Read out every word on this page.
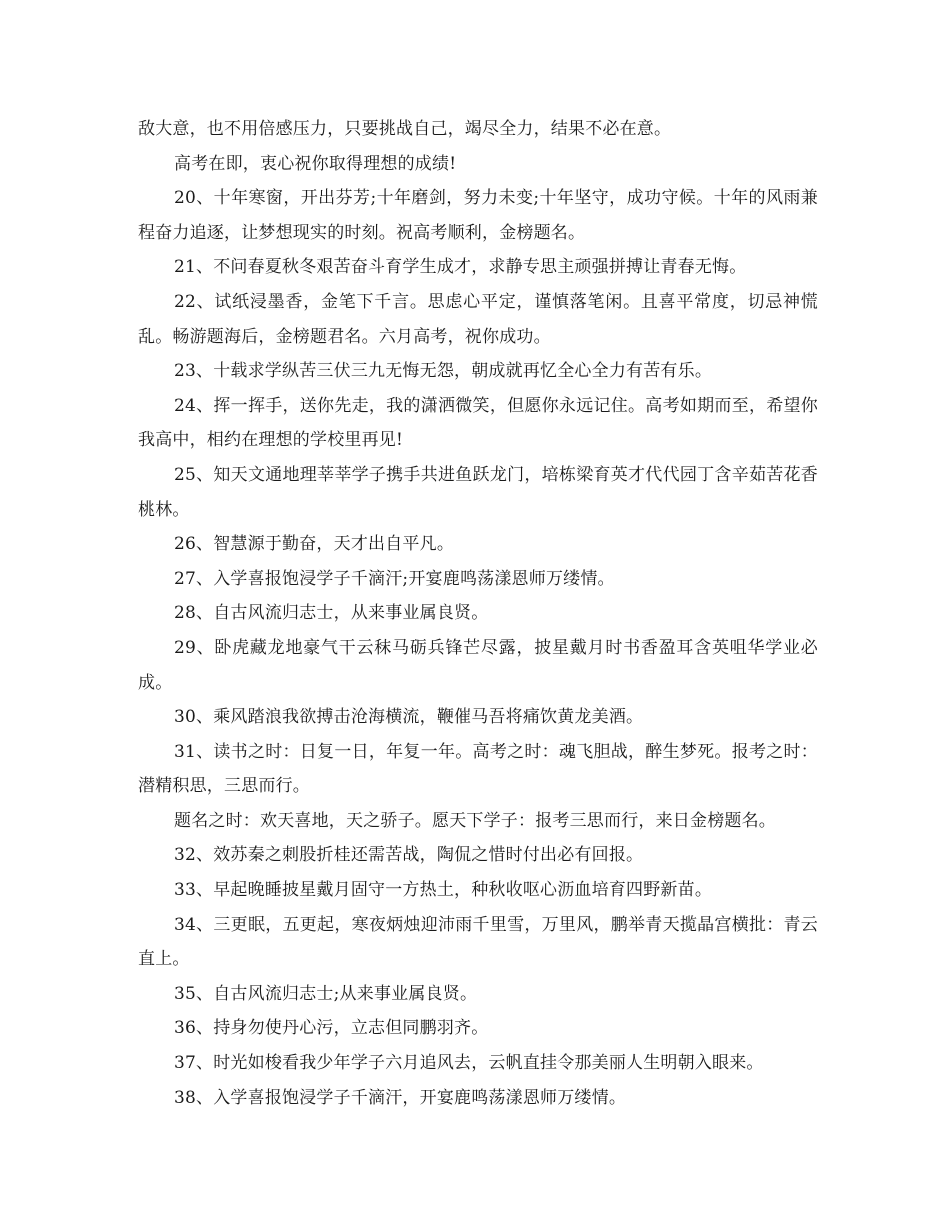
敌大意，也不用倍感压力，只要挑战自己，竭尽全力，结果不必在意。

高考在即，衷心祝你取得理想的成绩!

20、十年寒窗，开出芬芳;十年磨剑，努力未变;十年坚守，成功守候。十年的风雨兼程奋力追逐，让梦想现实的时刻。祝高考顺利，金榜题名。

21、不问春夏秋冬艰苦奋斗育学生成才，求静专思主顽强拼搏让青春无悔。

22、试纸浸墨香，金笔下千言。思虑心平定，谨慎落笔闲。且喜平常度，切忌神慌乱。畅游题海后，金榜题君名。六月高考，祝你成功。

23、十载求学纵苦三伏三九无悔无怨，朝成就再忆全心全力有苦有乐。

24、挥一挥手，送你先走，我的潇洒微笑，但愿你永远记住。高考如期而至，希望你我高中，相约在理想的学校里再见!

25、知天文通地理莘莘学子携手共进鱼跃龙门，培栋梁育英才代代园丁含辛茹苦花香桃林。

26、智慧源于勤奋，天才出自平凡。

27、入学喜报饱浸学子千滴汗;开宴鹿鸣荡漾恩师万缕情。

28、自古风流归志士，从来事业属良贤。

29、卧虎藏龙地豪气干云秣马砺兵锋芒尽露，披星戴月时书香盈耳含英咀华学业必成。

30、乘风踏浪我欲搏击沧海横流，鞭催马吾将痛饮黄龙美酒。

31、读书之时：日复一日，年复一年。高考之时：魂飞胆战，醉生梦死。报考之时：潜精积思，三思而行。

题名之时：欢天喜地，天之骄子。愿天下学子：报考三思而行，来日金榜题名。

32、效苏秦之刺股折桂还需苦战，陶侃之惜时付出必有回报。

33、早起晚睡披星戴月固守一方热土，种秋收呕心沥血培育四野新苗。

34、三更眠，五更起，寒夜炳烛迎沛雨千里雪，万里风，鹏举青天揽晶宫横批：青云直上。

35、自古风流归志士;从来事业属良贤。

36、持身勿使丹心污，立志但同鹏羽齐。

37、时光如梭看我少年学子六月追风去，云帆直挂令那美丽人生明朝入眼来。

38、入学喜报饱浸学子千滴汗，开宴鹿鸣荡漾恩师万缕情。
